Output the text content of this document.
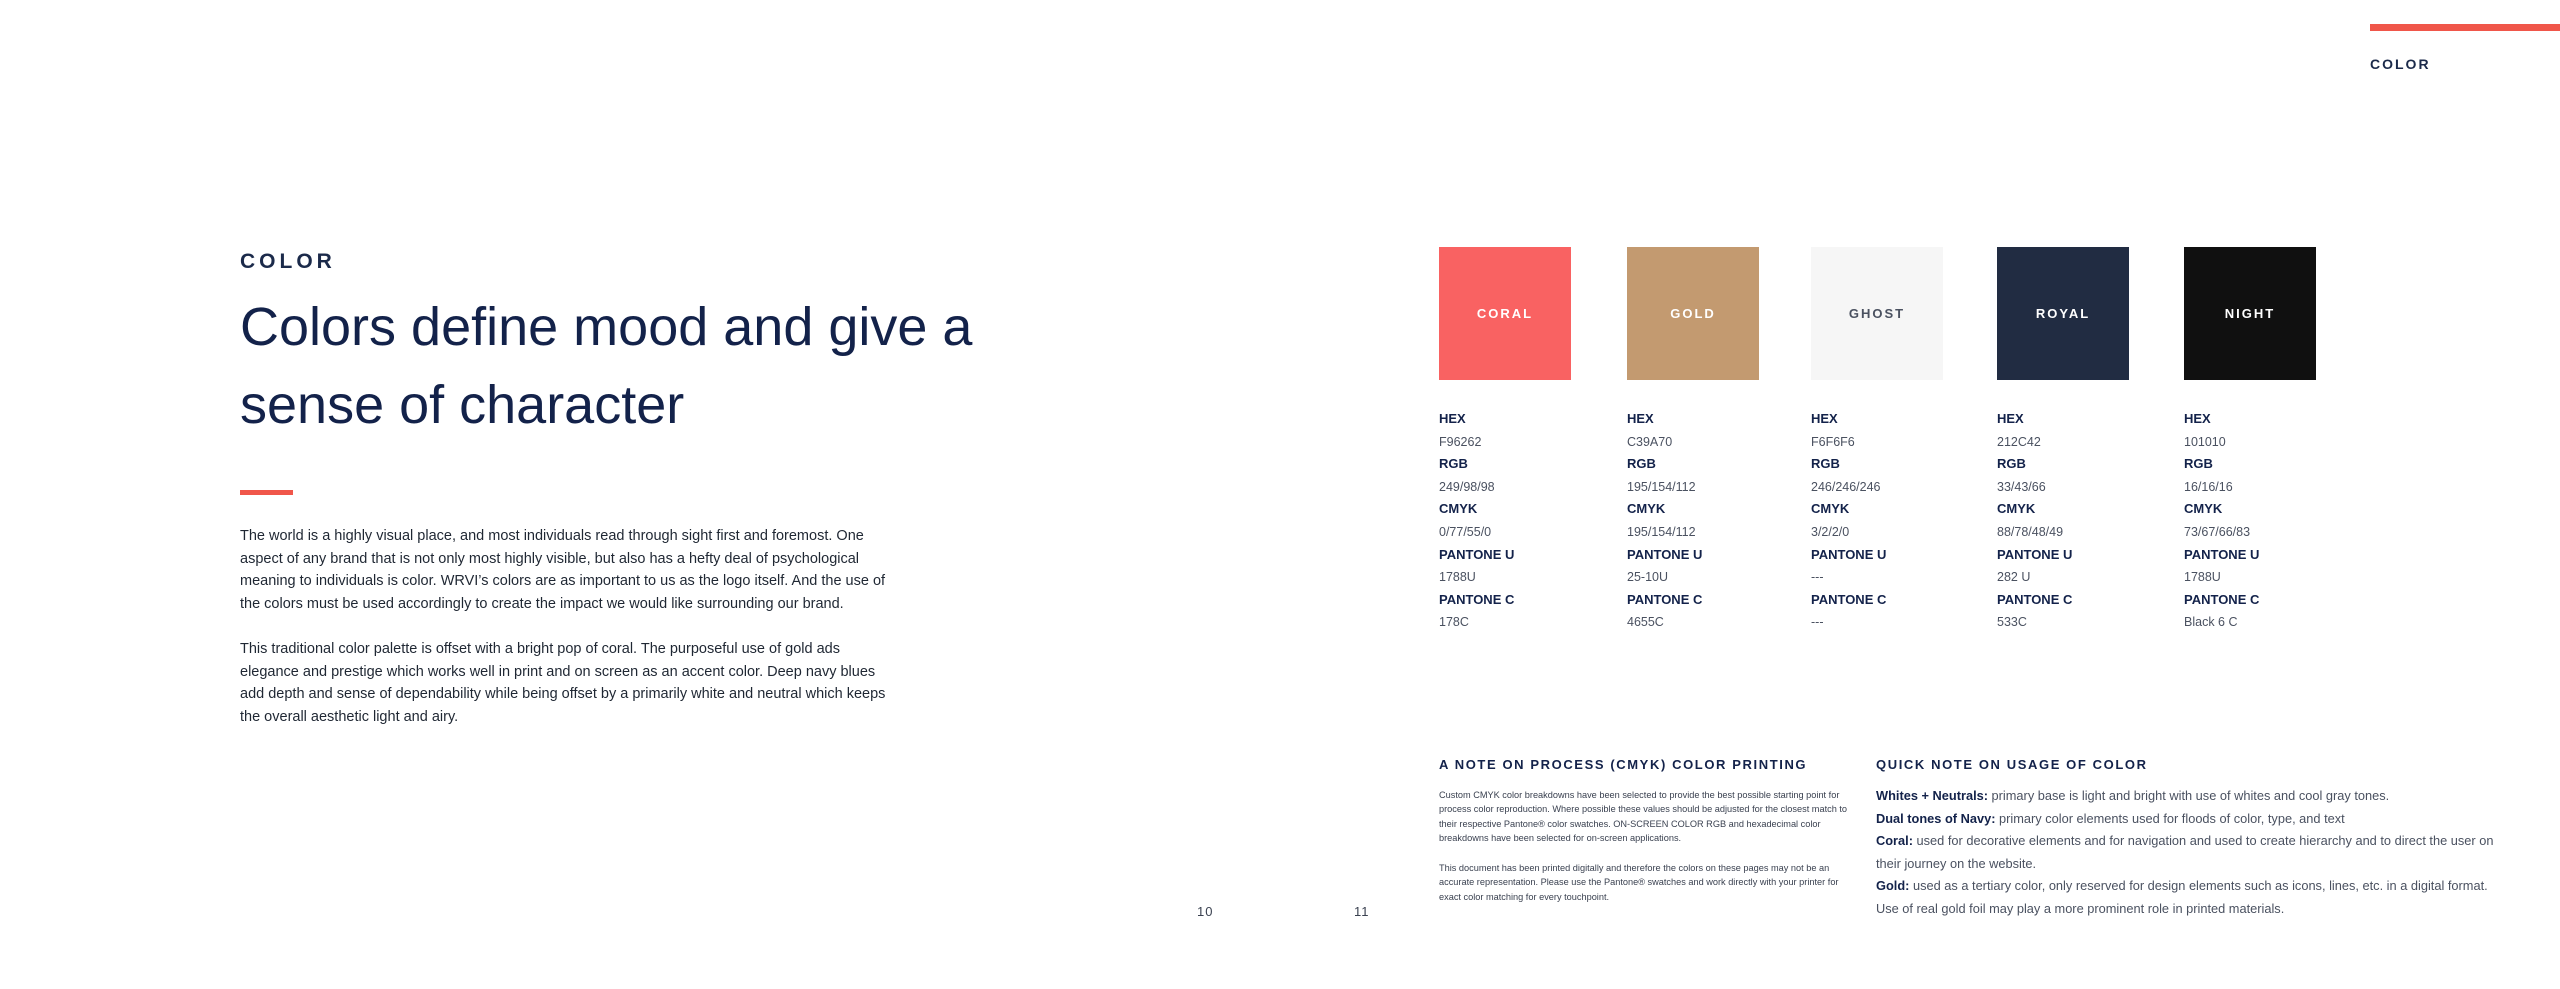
COLOR
COLOR
Colors define mood and give a sense of character

The world is a highly visual place, and most individuals read through sight first and foremost. One aspect of any brand that is not only most highly visible, but also has a hefty deal of psychological meaning to individuals is color. WRVI’s colors are as important to us as the logo itself. And the use of the colors must be used accordingly to create the impact we would like surrounding our brand.

This traditional color palette is offset with a bright pop of coral. The purposeful use of gold ads elegance and prestige which works well in print and on screen as an accent color. Deep navy blues add depth and sense of dependability while being offset by a primarily white and neutral which keeps the overall aesthetic light and airy.

10	11
CORAL
HEX
F96262
RGB
249/98/98
CMYK
0/77/55/0
PANTONE U
1788U
PANTONE C
178C
GOLD
HEX
C39A70
RGB
195/154/112
CMYK
195/154/112
PANTONE U
25-10U
PANTONE C
4655C
GHOST
HEX
F6F6F6
RGB
246/246/246
CMYK
3/2/2/0
PANTONE U
---
PANTONE C
---
ROYAL
HEX
212C42
RGB
33/43/66
CMYK
88/78/48/49
PANTONE U
282 U
PANTONE C
533C
NIGHT
HEX
101010
RGB
16/16/16
CMYK
73/67/66/83
PANTONE U
1788U
PANTONE C
Black 6 C
A NOTE ON PROCESS (CMYK) COLOR PRINTING

Custom CMYK color breakdowns have been selected to provide the best possible starting point for process color reproduction. Where possible these values should be adjusted for the closest match to their respective Pantone® color swatches. ON-SCREEN COLOR RGB and hexadecimal color breakdowns have been selected for on-screen applications.

This document has been printed digitally and therefore the colors on these pages may not be an accurate representation. Please use the Pantone® swatches and work directly with your printer for exact color matching for every touchpoint.

QUICK NOTE ON USAGE OF COLOR

Whites + Neutrals: primary base is light and bright with use of whites and cool gray tones.

Dual tones of Navy: primary color elements used for floods of color, type, and text

Coral: used for decorative elements and for navigation and used to create hierarchy and to direct the user on their journey on the website.

Gold: used as a tertiary color, only reserved for design elements such as icons, lines, etc. in a digital format. Use of real gold foil may play a more prominent role in printed materials.
